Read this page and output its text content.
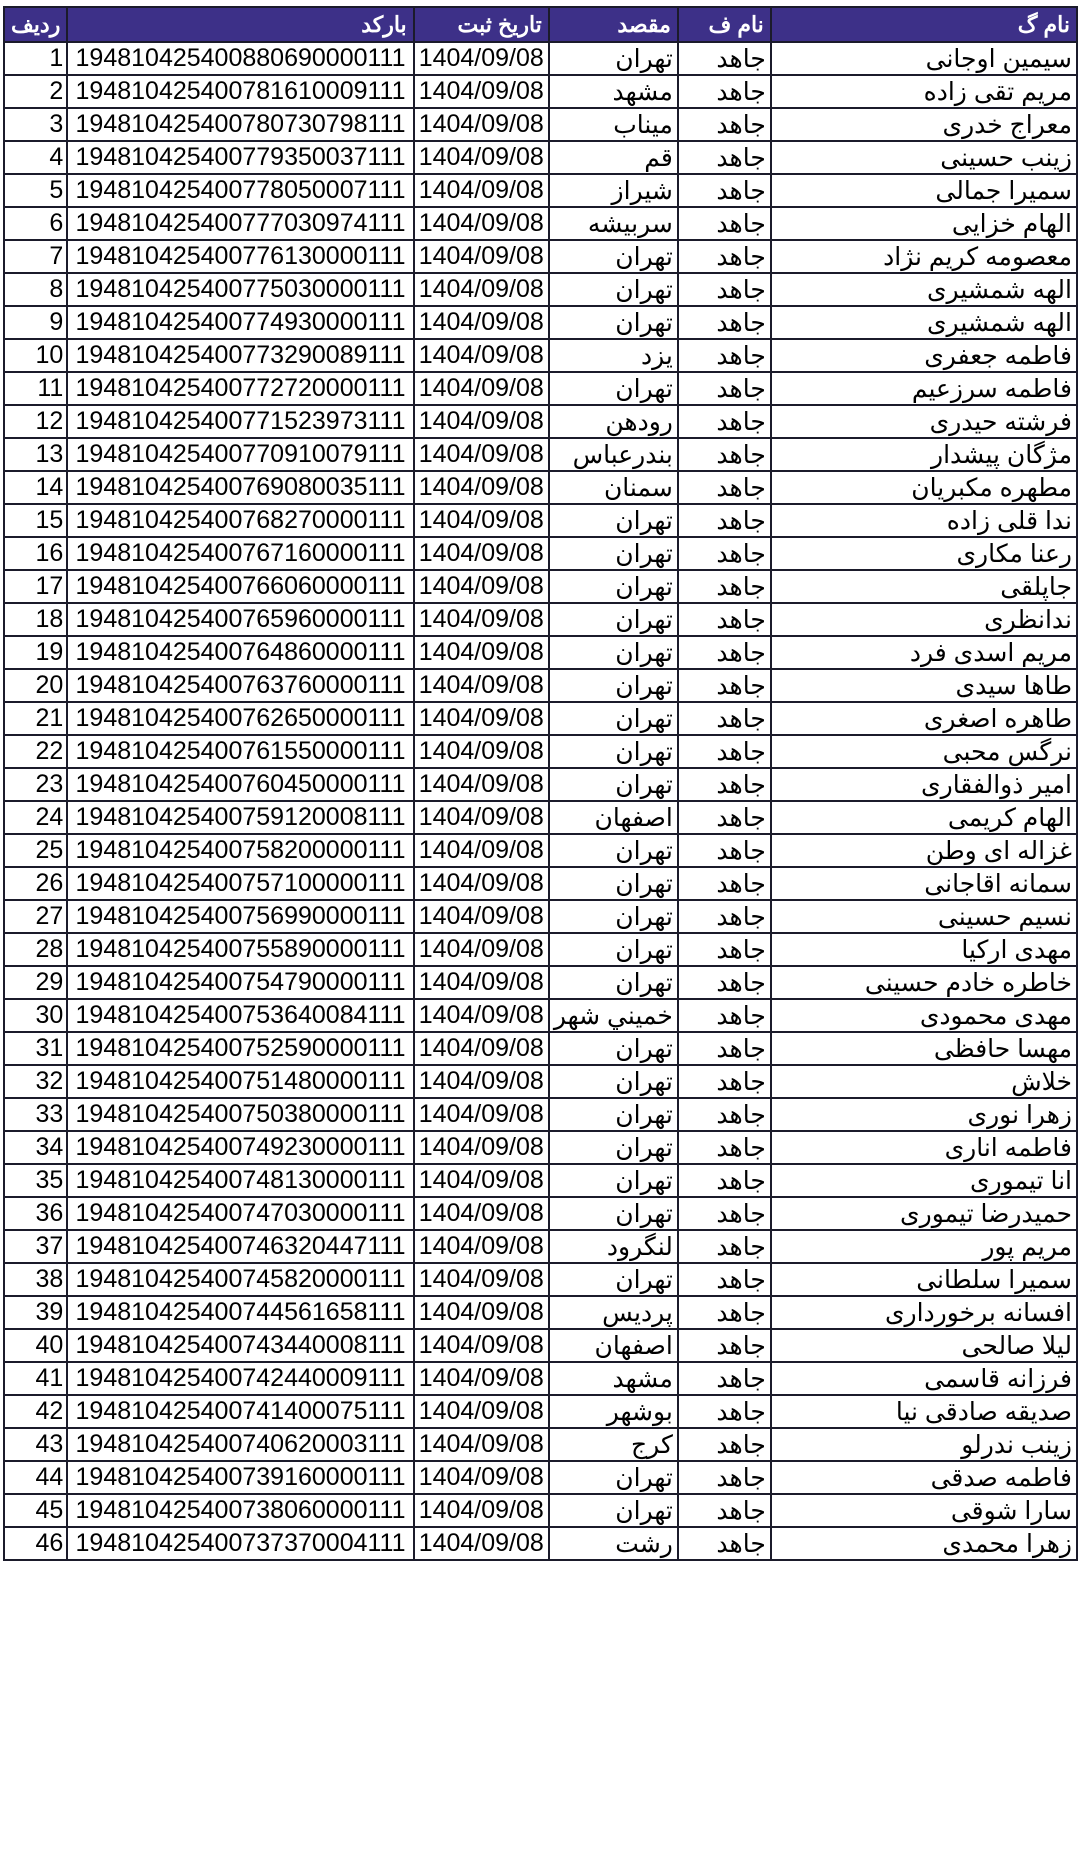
ردیف	بارکد	تاریخ ثبت	مقصد	نام ف	نام گ
1	194810425400880690000111	1404/09/08	تهران	جاهد	سیمین اوجانی
2	194810425400781610009111	1404/09/08	مشهد	جاهد	مریم تقی زاده
3	194810425400780730798111	1404/09/08	میناب	جاهد	معراج خدری
4	194810425400779350037111	1404/09/08	قم	جاهد	زینب حسینی
5	194810425400778050007111	1404/09/08	شیراز	جاهد	سمیرا جمالی
6	194810425400777030974111	1404/09/08	سربیشه	جاهد	الهام خزایی
7	194810425400776130000111	1404/09/08	تهران	جاهد	معصومه کریم نژاد
8	194810425400775030000111	1404/09/08	تهران	جاهد	الهه شمشیری
9	194810425400774930000111	1404/09/08	تهران	جاهد	الهه شمشیری
10	194810425400773290089111	1404/09/08	یزد	جاهد	فاطمه جعفری
11	194810425400772720000111	1404/09/08	تهران	جاهد	فاطمه سرزعیم
12	194810425400771523973111	1404/09/08	رودهن	جاهد	فرشته حیدری
13	194810425400770910079111	1404/09/08	بندرعباس	جاهد	مژگان پیشدار
14	194810425400769080035111	1404/09/08	سمنان	جاهد	مطهره مکبریان
15	194810425400768270000111	1404/09/08	تهران	جاهد	ندا قلی زاده
16	194810425400767160000111	1404/09/08	تهران	جاهد	رعنا مکاری
17	194810425400766060000111	1404/09/08	تهران	جاهد	جاپلقی
18	194810425400765960000111	1404/09/08	تهران	جاهد	ندانظری
19	194810425400764860000111	1404/09/08	تهران	جاهد	مریم اسدی فرد
20	194810425400763760000111	1404/09/08	تهران	جاهد	طاها سیدی
21	194810425400762650000111	1404/09/08	تهران	جاهد	طاهره اصغری
22	194810425400761550000111	1404/09/08	تهران	جاهد	نرگس محبی
23	194810425400760450000111	1404/09/08	تهران	جاهد	امیر ذوالفقاری
24	194810425400759120008111	1404/09/08	اصفهان	جاهد	الهام کریمی
25	194810425400758200000111	1404/09/08	تهران	جاهد	غزاله ای وطن
26	194810425400757100000111	1404/09/08	تهران	جاهد	سمانه اقاجانی
27	194810425400756990000111	1404/09/08	تهران	جاهد	نسیم حسینی
28	194810425400755890000111	1404/09/08	تهران	جاهد	مهدی ارکیا
29	194810425400754790000111	1404/09/08	تهران	جاهد	خاطره خادم حسینی
30	194810425400753640084111	1404/09/08	خميني شهر	جاهد	مهدی محمودی
31	194810425400752590000111	1404/09/08	تهران	جاهد	مهسا حافظی
32	194810425400751480000111	1404/09/08	تهران	جاهد	خلاش
33	194810425400750380000111	1404/09/08	تهران	جاهد	زهرا نوری
34	194810425400749230000111	1404/09/08	تهران	جاهد	فاطمه اناری
35	194810425400748130000111	1404/09/08	تهران	جاهد	انا تیموری
36	194810425400747030000111	1404/09/08	تهران	جاهد	حمیدرضا تیموری
37	194810425400746320447111	1404/09/08	لنگرود	جاهد	مریم پور
38	194810425400745820000111	1404/09/08	تهران	جاهد	سمیرا سلطانی
39	194810425400744561658111	1404/09/08	پردیس	جاهد	افسانه برخورداری
40	194810425400743440008111	1404/09/08	اصفهان	جاهد	لیلا صالحی
41	194810425400742440009111	1404/09/08	مشهد	جاهد	فرزانه قاسمی
42	194810425400741400075111	1404/09/08	بوشهر	جاهد	صدیقه صادقی نیا
43	194810425400740620003111	1404/09/08	کرج	جاهد	زینب ندرلو
44	194810425400739160000111	1404/09/08	تهران	جاهد	فاطمه صدقی
45	194810425400738060000111	1404/09/08	تهران	جاهد	سارا شوقی
46	194810425400737370004111	1404/09/08	رشت	جاهد	زهرا محمدی
